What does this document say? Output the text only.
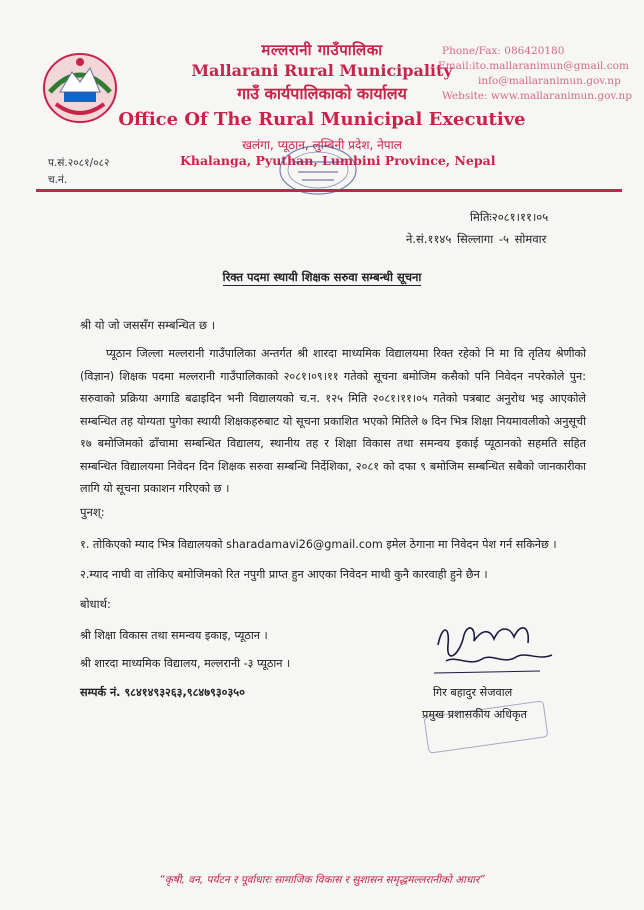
मल्लरानी गाउँपालिका
Mallarani Rural Municipality
गाउँ कार्यपालिकाको कार्यालय
Office Of The Rural Municipal Executive
खलंगा, प्यूठान, लुम्बिनी प्रदेश, नेपाल
Khalanga, Pyuthan, Lumbini Province, Nepal
Phone/Fax: 086420180
Email:ito.mallaranimun@gmail.com
info@mallaranimun.gov.np
Website: www.mallaranimun.gov.np
प.सं.२०८१/०८२
च.नं.
मितिः२०८१।११।०५
ने.सं.११४५ सिल्लागा -५ सोमवार
रिक्त पदमा स्थायी शिक्षक सरुवा सम्बन्धी सूचना
श्री यो जो जससँग सम्बन्धित छ ।
प्यूठान जिल्ला मल्लरानी गाउँपालिका अन्तर्गत श्री शारदा माध्यमिक विद्यालयमा रिक्त रहेको नि मा वि तृतिय श्रेणीको (विज्ञान) शिक्षक पदमा मल्लरानी गाउँपालिकाको २०८१।०९।११ गतेको सूचना बमोजिम कसैको पनि निवेदन नपरेकोले पुन: सरुवाको प्रक्रिया अगाडि बढाइदिन भनी विद्यालयको च.न. १२५ मिति २०८१।११।०५ गतेको पत्रबाट अनुरोध भइ आएकोले सम्बन्धित तह योग्यता पुगेका स्थायी शिक्षकहरुबाट यो सूचना प्रकाशित भएको मितिले ७ दिन भित्र शिक्षा नियमावलीको अनुसूची १७ बमोजिमको ढाँचामा सम्बन्धित विद्यालय, स्थानीय तह र शिक्षा विकास तथा समन्वय इकाई प्यूठानको सहमति सहित सम्बन्धित विद्यालयमा निवेदन दिन शिक्षक सरुवा सम्बन्धि निर्देशिका, २०८१ को दफा ९ बमोजिम सम्बन्धित सबैको जानकारीका लागि यो सूचना प्रकाशन गरिएको छ ।
पुनश्:
१. तोकिएको म्याद भित्र विद्यालयको sharadamavi26@gmail.com इमेल ठेगाना मा निवेदन पेश गर्न सकिनेछ ।
२.म्याद नाघी वा तोकिए बमोजिमको रित नपुगी प्राप्त हुन आएका निवेदन माथी कुनै कारवाही हुने छैन ।
बोधार्थ:
श्री शिक्षा विकास तथा समन्वय इकाइ, प्यूठान ।
श्री शारदा माध्यमिक विद्यालय, मल्लरानी -३ प्यूठान ।
सम्पर्क नं. ९८४१४९३२६३,९८४७९३०३५०	गिर बहादुर सेजवाल
प्रमुख प्रशासकीय अधिकृत
“कृषी, वन, पर्यटन र पूर्वाधारः सामाजिक विकास र सुशासन समृद्धमल्लरानीको आधार”
